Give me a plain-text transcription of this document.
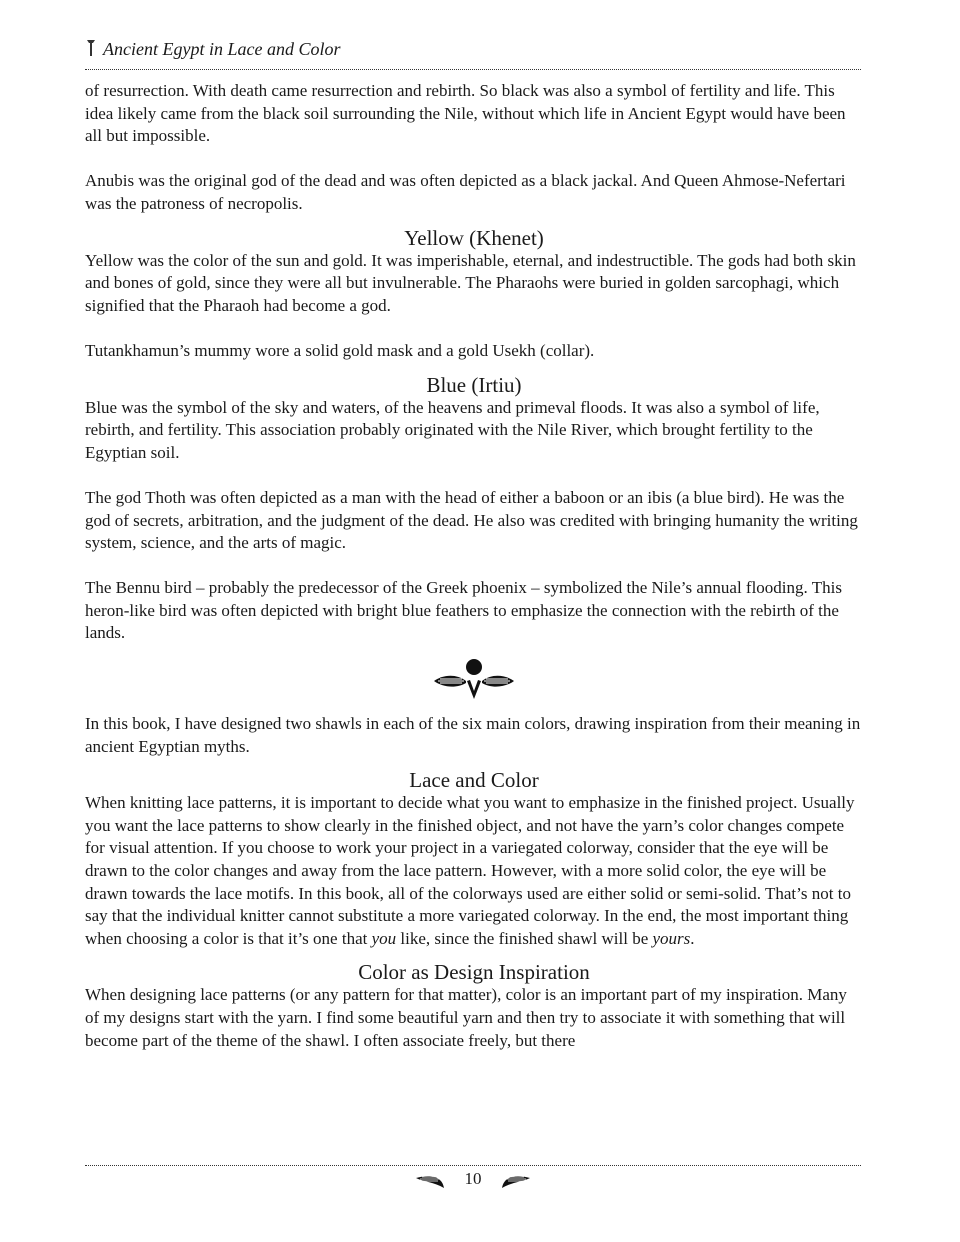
Ancient Egypt in Lace and Color

of resurrection. With death came resurrection and rebirth. So black was also a symbol of fertility and life. This idea likely came from the black soil surrounding the Nile, without which life in Ancient Egypt would have been all but impossible.

Anubis was the original god of the dead and was often depicted as a black jackal. And Queen Ahmose-Nefertari was the patroness of necropolis.

Yellow (Khenet)

Yellow was the color of the sun and gold. It was imperishable, eternal, and indestructible. The gods had both skin and bones of gold, since they were all but invulnerable. The Pharaohs were buried in golden sarcophagi, which signified that the Pharaoh had become a god.

Tutankhamun’s mummy wore a solid gold mask and a gold Usekh (collar).

Blue (Irtiu)

Blue was the symbol of the sky and waters, of the heavens and primeval floods. It was also a symbol of life, rebirth, and fertility. This association probably originated with the Nile River, which brought fertility to the Egyptian soil.

The god Thoth was often depicted as a man with the head of either a baboon or an ibis (a blue bird). He was the god of secrets, arbitration, and the judgment of the dead. He also was credited with bringing humanity the writing system, science, and the arts of magic.

The Bennu bird – probably the predecessor of the Greek phoenix – symbolized the Nile’s annual flooding. This heron-like bird was often depicted with bright blue feathers to emphasize the connection with the rebirth of the lands.

In this book, I have designed two shawls in each of the six main colors, drawing inspiration from their meaning in ancient Egyptian myths.

Lace and Color

When knitting lace patterns, it is important to decide what you want to emphasize in the finished project. Usually you want the lace patterns to show clearly in the finished object, and not have the yarn’s color changes compete for visual attention. If you choose to work your project in a variegated colorway, consider that the eye will be drawn to the color changes and away from the lace pattern. However, with a more solid color, the eye will be drawn towards the lace motifs. In this book, all of the colorways used are either solid or semi-solid. That’s not to say that the individual knitter cannot substitute a more variegated colorway. In the end, the most important thing when choosing a color is that it’s one that you like, since the finished shawl will be yours.

Color as Design Inspiration

When designing lace patterns (or any pattern for that matter), color is an important part of my inspiration. Many of my designs start with the yarn. I find some beautiful yarn and then try to associate it with something that will become part of the theme of the shawl. I often associate freely, but there

10
